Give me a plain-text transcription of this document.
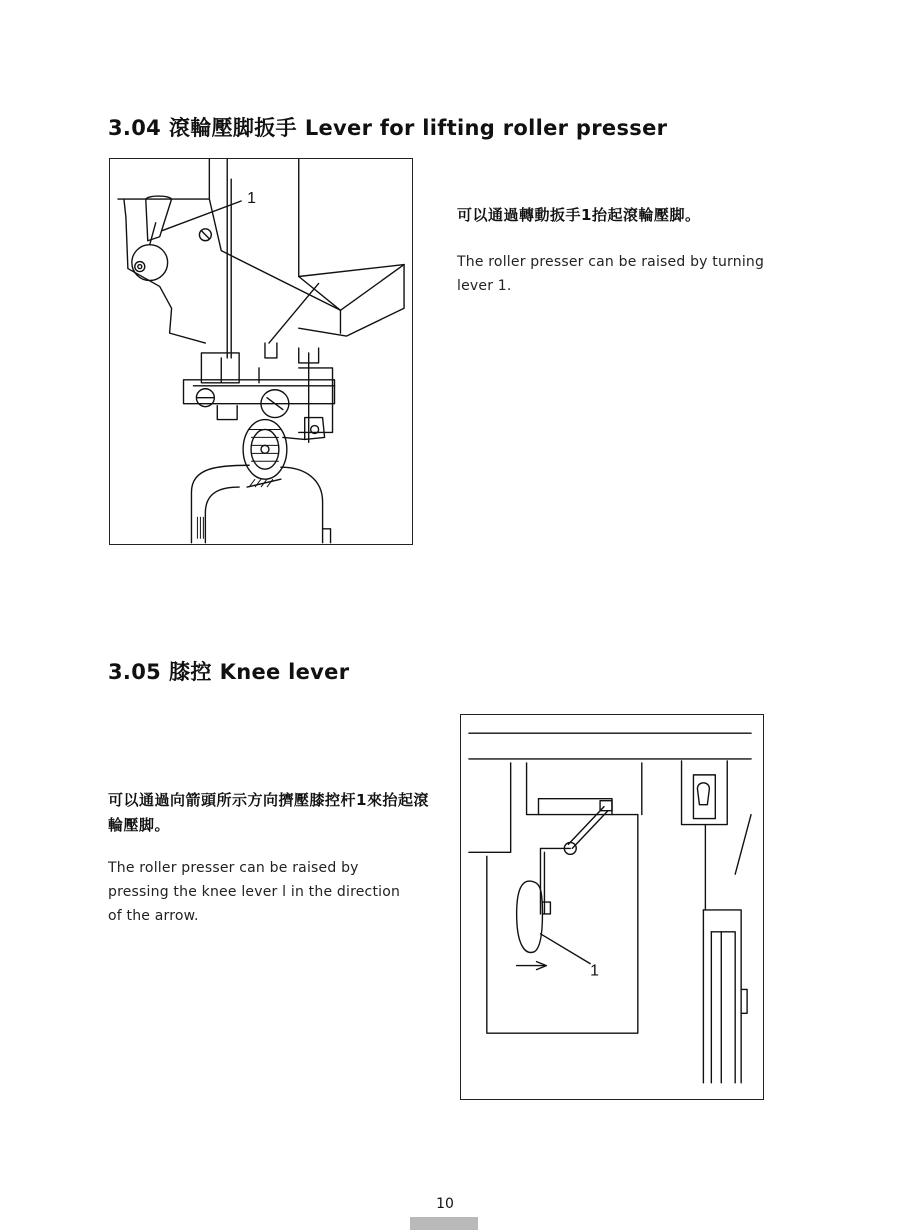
3.04 滾輪壓脚扳手 Lever for lifting roller presser
1

可以通過轉動扳手1抬起滾輪壓脚。

The roller presser can be raised by turning lever 1.

3.05 膝控 Knee lever

可以通過向箭頭所示方向擠壓膝控杆1來抬起滾輪壓脚。

The roller presser can be raised by pressing the knee lever l in the direction of the arrow.

1
10
